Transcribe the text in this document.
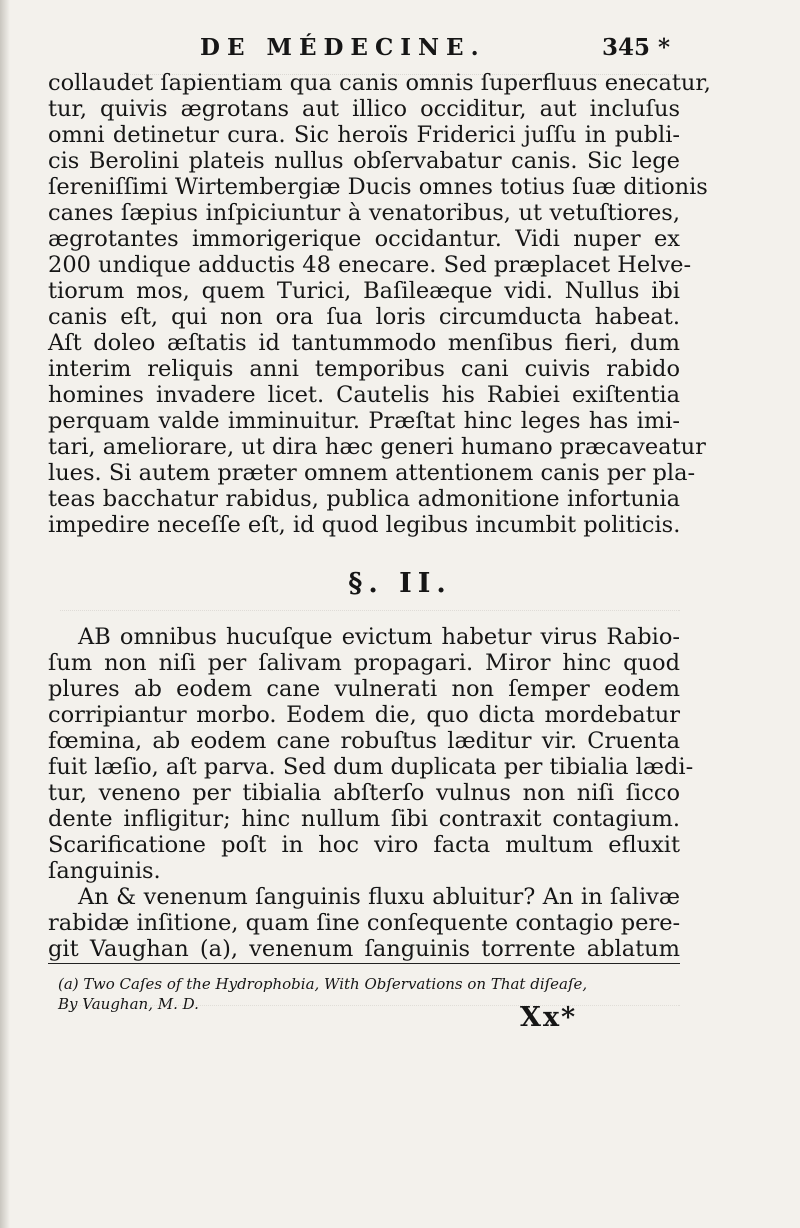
DE MÉDECINE.	345 *
collaudet ſapientiam qua canis omnis ſuperfluus enecatur,
tur, quivis ægrotans aut illico occiditur, aut incluſus
omni detinetur cura. Sic heroïs Friderici juſſu in publi-
cis Berolini plateis nullus obſervabatur canis. Sic lege
ſereniſſimi Wirtembergiæ Ducis omnes totius ſuæ ditionis
canes ſæpius inſpiciuntur à venatoribus, ut vetuſtiores,
ægrotantes immorigerique occidantur. Vidi nuper ex
200 undique adductis 48 enecare. Sed præplacet Helve-
tiorum mos, quem Turici, Baſileæque vidi. Nullus ibi
canis eſt, qui non ora ſua loris circumducta habeat.
Aſt doleo æſtatis id tantummodo menſibus fieri, dum
interim reliquis anni temporibus cani cuivis rabido
homines invadere licet. Cautelis his Rabiei exiſtentia
perquam valde imminuitur. Præſtat hinc leges has imi-
tari, ameliorare, ut dira hæc generi humano præcaveatur
lues. Si autem præter omnem attentionem canis per pla-
teas bacchatur rabidus, publica admonitione infortunia
impedire neceſſe eſt, id quod legibus incumbit politicis.
§. II.
AB omnibus hucuſque evictum habetur virus Rabio-
ſum non niſi per ſalivam propagari. Miror hinc quod
plures ab eodem cane vulnerati non ſemper eodem
corripiantur morbo. Eodem die, quo dicta mordebatur
fœmina, ab eodem cane robuſtus læditur vir. Cruenta
fuit læſio, aſt parva. Sed dum duplicata per tibialia lædi-
tur, veneno per tibialia abſterſo vulnus non niſi ſicco
dente infligitur; hinc nullum ſibi contraxit contagium.
Scarificatione poſt in hoc viro facta multum efluxit
ſanguinis.
An & venenum ſanguinis fluxu abluitur? An in ſalivæ
rabidæ inſitione, quam ſine conſequente contagio pere-
git Vaughan (a), venenum ſanguinis torrente ablatum
(a) Two Caſes of the Hydrophobia, With Obſervations on That diſeaſe,
By Vaughan, M. D.	Xx*
